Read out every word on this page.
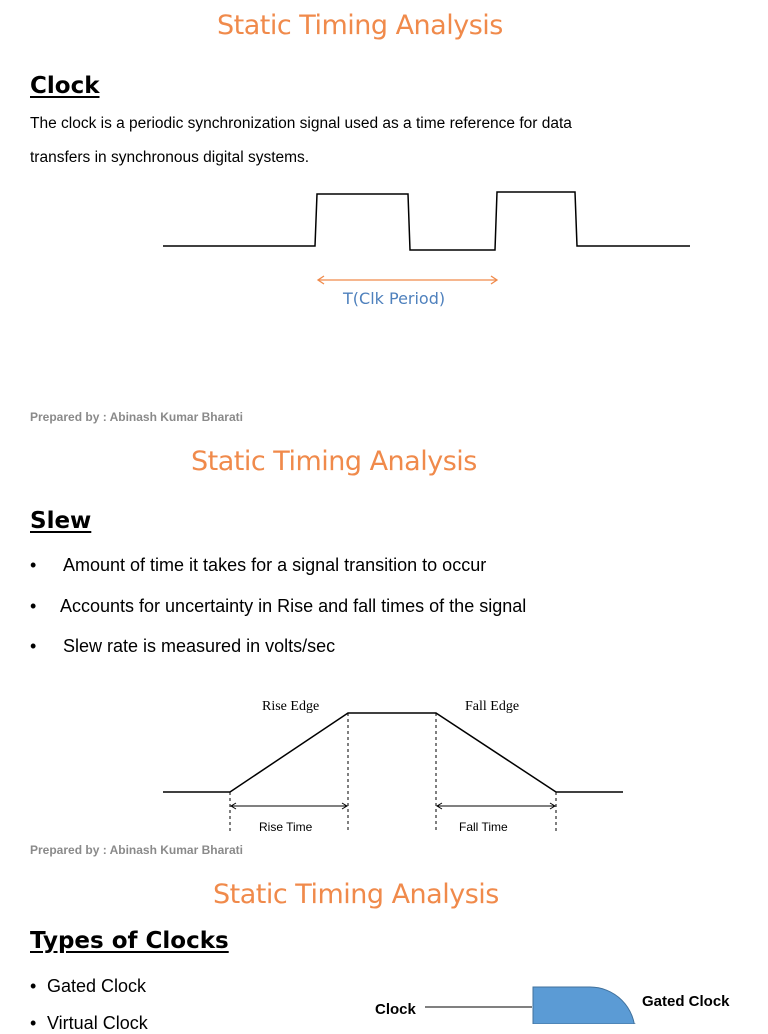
Static Timing Analysis
Clock
The clock is a periodic synchronization signal used as a time reference for data
transfers in synchronous digital systems.
T(Clk Period)
Prepared by : Abinash Kumar Bharati
Static Timing Analysis
Slew
•	Amount of time it takes for a signal transition to occur
•	Accounts for uncertainty in Rise and fall times of the signal
•	Slew rate is measured in volts/sec
Rise Edge	Fall Edge
Rise Time	Fall Time
Prepared by : Abinash Kumar Bharati
Static Timing Analysis
Types of Clocks
• Gated Clock
• Virtual Clock
Clock	Gated Clock
